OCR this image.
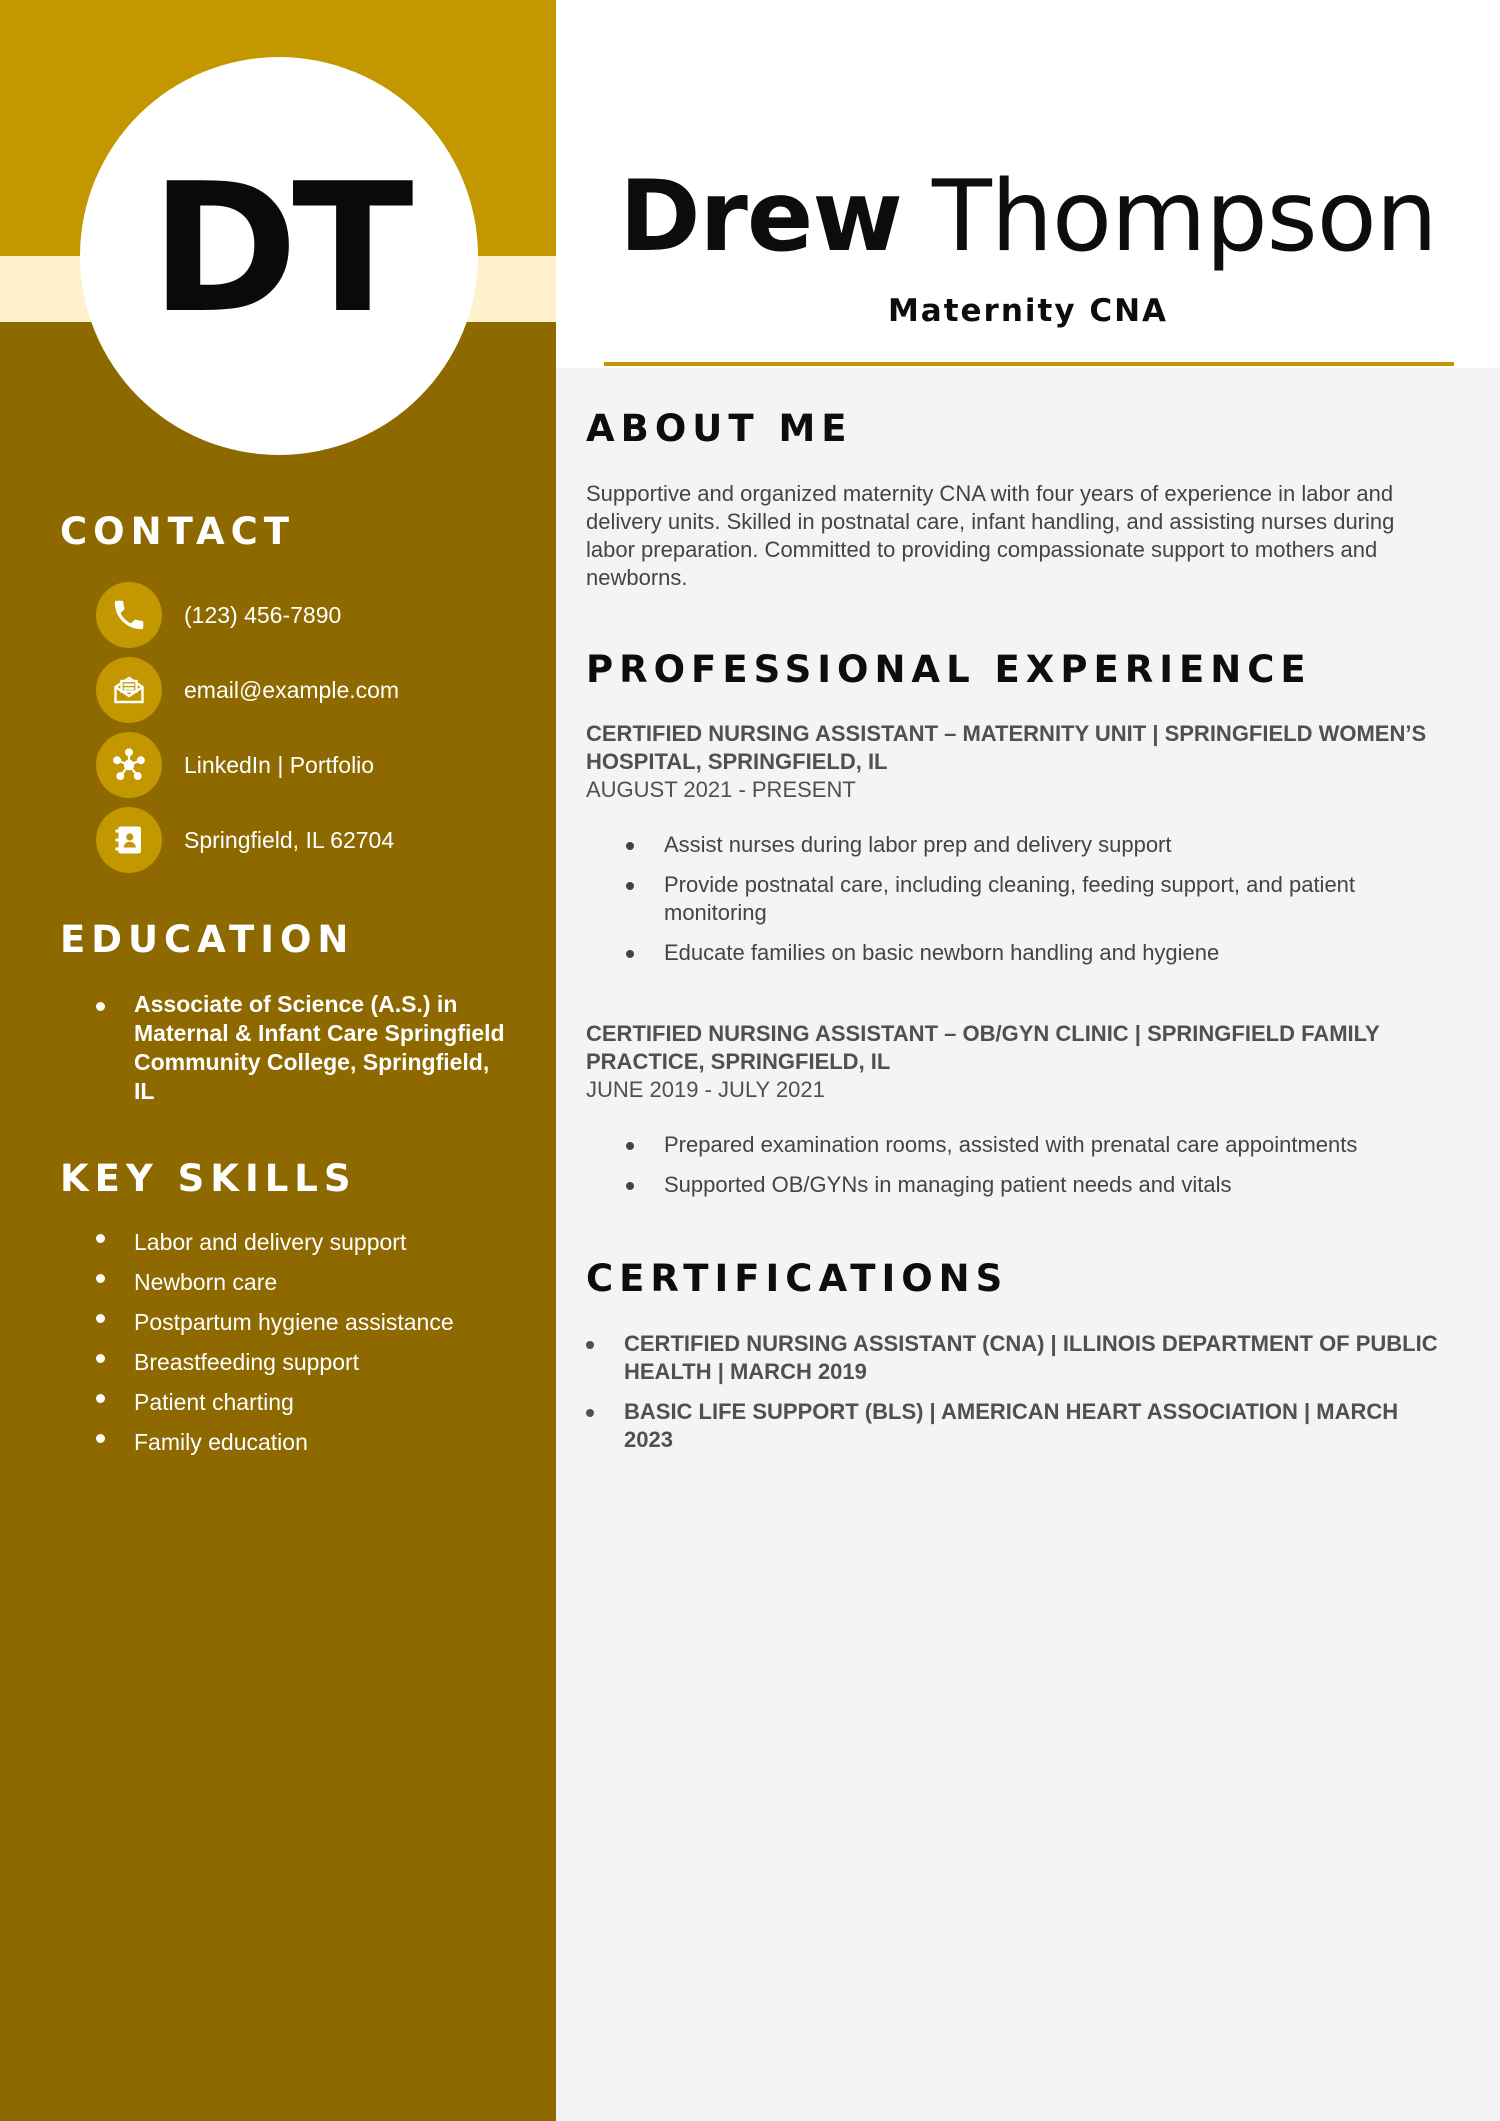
DT
CONTACT
(123) 456-7890
email@example.com
LinkedIn | Portfolio
Springfield, IL 62704
EDUCATION
Associate of Science (A.S.) in Maternal & Infant Care Springfield Community College, Springfield, IL
KEY SKILLS
Labor and delivery support
Newborn care
Postpartum hygiene assistance
Breastfeeding support
Patient charting
Family education
Drew Thompson
Maternity CNA
ABOUT ME

Supportive and organized maternity CNA with four years of experience in labor and delivery units. Skilled in postnatal care, infant handling, and assisting nurses during labor preparation. Committed to providing compassionate support to mothers and newborns.

PROFESSIONAL EXPERIENCE
CERTIFIED NURSING ASSISTANT – MATERNITY UNIT | SPRINGFIELD WOMEN’S HOSPITAL, SPRINGFIELD, IL
AUGUST 2021 - PRESENT
Assist nurses during labor prep and delivery support
Provide postnatal care, including cleaning, feeding support, and patient monitoring
Educate families on basic newborn handling and hygiene
CERTIFIED NURSING ASSISTANT – OB/GYN CLINIC | SPRINGFIELD FAMILY PRACTICE, SPRINGFIELD, IL
JUNE 2019 - JULY 2021
Prepared examination rooms, assisted with prenatal care appointments
Supported OB/GYNs in managing patient needs and vitals
CERTIFICATIONS
CERTIFIED NURSING ASSISTANT (CNA) | ILLINOIS DEPARTMENT OF PUBLIC HEALTH | MARCH 2019
BASIC LIFE SUPPORT (BLS) | AMERICAN HEART ASSOCIATION | MARCH 2023
